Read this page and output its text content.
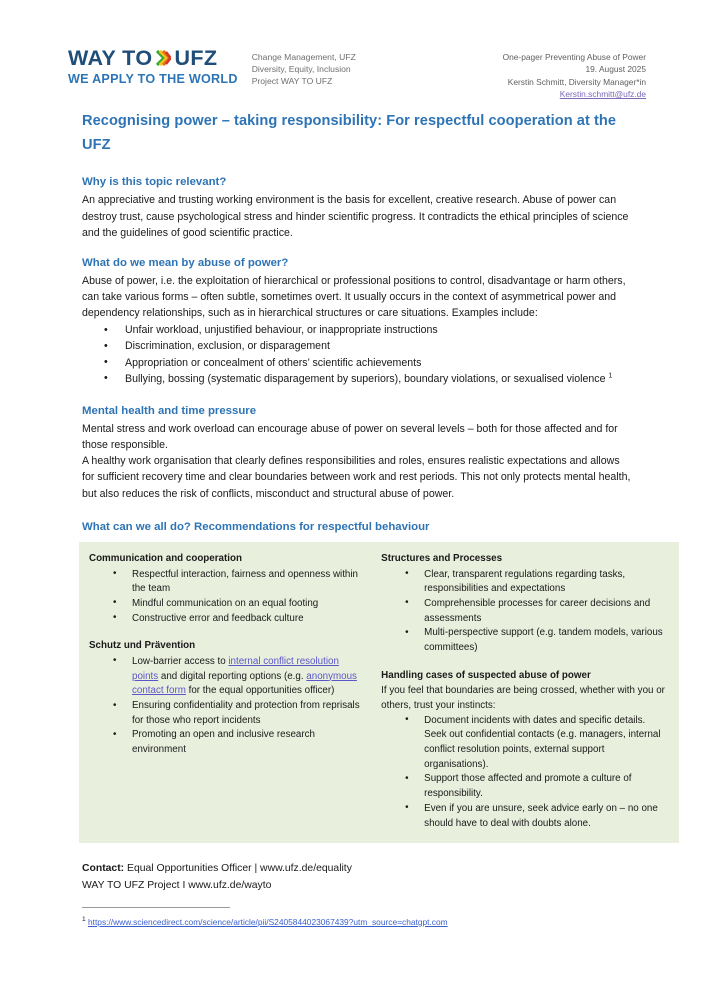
WAY TO UFZ
WE APPLY TO THE WORLD
Change Management, UFZ
Diversity, Equity, Inclusion
Project WAY TO UFZ
One-pager Preventing Abuse of Power
19. August 2025
Kerstin Schmitt, Diversity Manager*in
Kerstin.schmitt@ufz.de
Recognising power – taking responsibility: For respectful cooperation at the UFZ
Why is this topic relevant?

An appreciative and trusting working environment is the basis for excellent, creative research. Abuse of power can destroy trust, cause psychological stress and hinder scientific progress. It contradicts the ethical principles of science and the guidelines of good scientific practice.

What do we mean by abuse of power?

Abuse of power, i.e. the exploitation of hierarchical or professional positions to control, disadvantage or harm others, can take various forms – often subtle, sometimes overt. It usually occurs in the context of asymmetrical power and dependency relationships, such as in hierarchical structures or care situations. Examples include:

• Unfair workload, unjustified behaviour, or inappropriate instructions
• Discrimination, exclusion, or disparagement
• Appropriation or concealment of others’ scientific achievements
• Bullying, bossing (systematic disparagement by superiors), boundary violations, or sexualised violence $^1$
Mental health and time pressure

Mental stress and work overload can encourage abuse of power on several levels – both for those affected and for those responsible.

A healthy work organisation that clearly defines responsibilities and roles, ensures realistic expectations and allows for sufficient recovery time and clear boundaries between work and rest periods. This not only protects mental health, but also reduces the risk of conflicts, misconduct and structural abuse of power.

What can we all do? Recommendations for respectful behaviour
Communication and cooperation
• Respectful interaction, fairness and openness within the team
• Mindful communication on an equal footing
• Constructive error and feedback culture
Schutz und Prävention
• Low-barrier access to internal conflict resolution points and digital reporting options (e.g. anonymous contact form for the equal opportunities officer)
• Ensuring confidentiality and protection from reprisals for those who report incidents
• Promoting an open and inclusive research environment
Structures and Processes
• Clear, transparent regulations regarding tasks, responsibilities and expectations
• Comprehensible processes for career decisions and assessments
• Multi-perspective support (e.g. tandem models, various committees)
Handling cases of suspected abuse of power

If you feel that boundaries are being crossed, whether with you or others, trust your instincts:

• Document incidents with dates and specific details. Seek out confidential contacts (e.g. managers, internal conflict resolution points, external support organisations).
• Support those affected and promote a culture of responsibility.
• Even if you are unsure, seek advice early on – no one should have to deal with doubts alone.
Contact: Equal Opportunities Officer | www.ufz.de/equality
WAY TO UFZ Project I www.ufz.de/wayto
$^1$ https://www.sciencedirect.com/science/article/pii/S2405844023067439?utm_source=chatgpt.com
